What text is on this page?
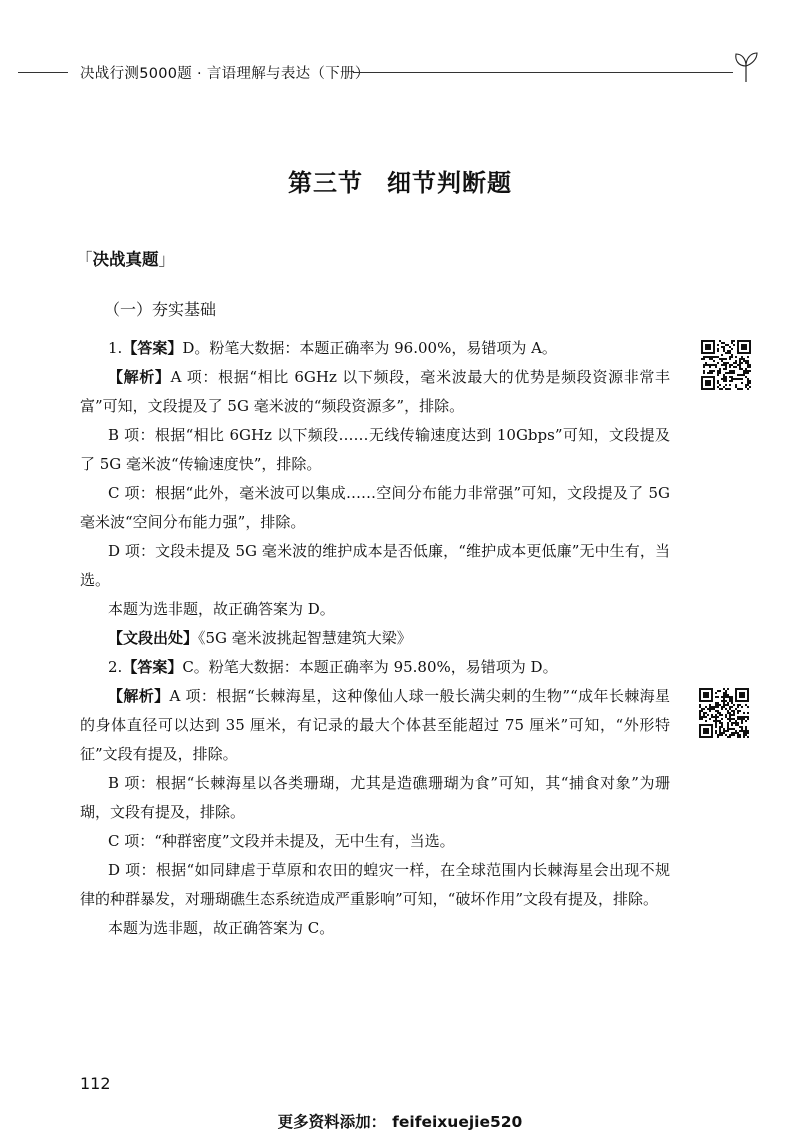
决战行测5000题 · 言语理解与表达（下册）
第三节 细节判断题
「决战真题」
（一）夯实基础

1.【答案】D。粉笔大数据：本题正确率为 96.00%，易错项为 A。

【解析】A 项：根据“相比 6GHz 以下频段，毫米波最大的优势是频段资源非常丰富”可知，文段提及了 5G 毫米波的“频段资源多”，排除。

B 项：根据“相比 6GHz 以下频段……无线传输速度达到 10Gbps”可知，文段提及了 5G 毫米波“传输速度快”，排除。

C 项：根据“此外，毫米波可以集成……空间分布能力非常强”可知，文段提及了 5G 毫米波“空间分布能力强”，排除。

D 项：文段未提及 5G 毫米波的维护成本是否低廉，“维护成本更低廉”无中生有，当选。

本题为选非题，故正确答案为 D。

【文段出处】《5G 毫米波挑起智慧建筑大梁》

2.【答案】C。粉笔大数据：本题正确率为 95.80%，易错项为 D。

【解析】A 项：根据“长棘海星，这种像仙人球一般长满尖刺的生物”“成年长棘海星的身体直径可以达到 35 厘米，有记录的最大个体甚至能超过 75 厘米”可知，“外形特征”文段有提及，排除。

B 项：根据“长棘海星以各类珊瑚，尤其是造礁珊瑚为食”可知，其“捕食对象”为珊瑚，文段有提及，排除。

C 项：“种群密度”文段并未提及，无中生有，当选。

D 项：根据“如同肆虐于草原和农田的蝗灾一样，在全球范围内长棘海星会出现不规律的种群暴发，对珊瑚礁生态系统造成严重影响”可知，“破坏作用”文段有提及，排除。

本题为选非题，故正确答案为 C。

112
更多资料添加： feifeixuejie520
